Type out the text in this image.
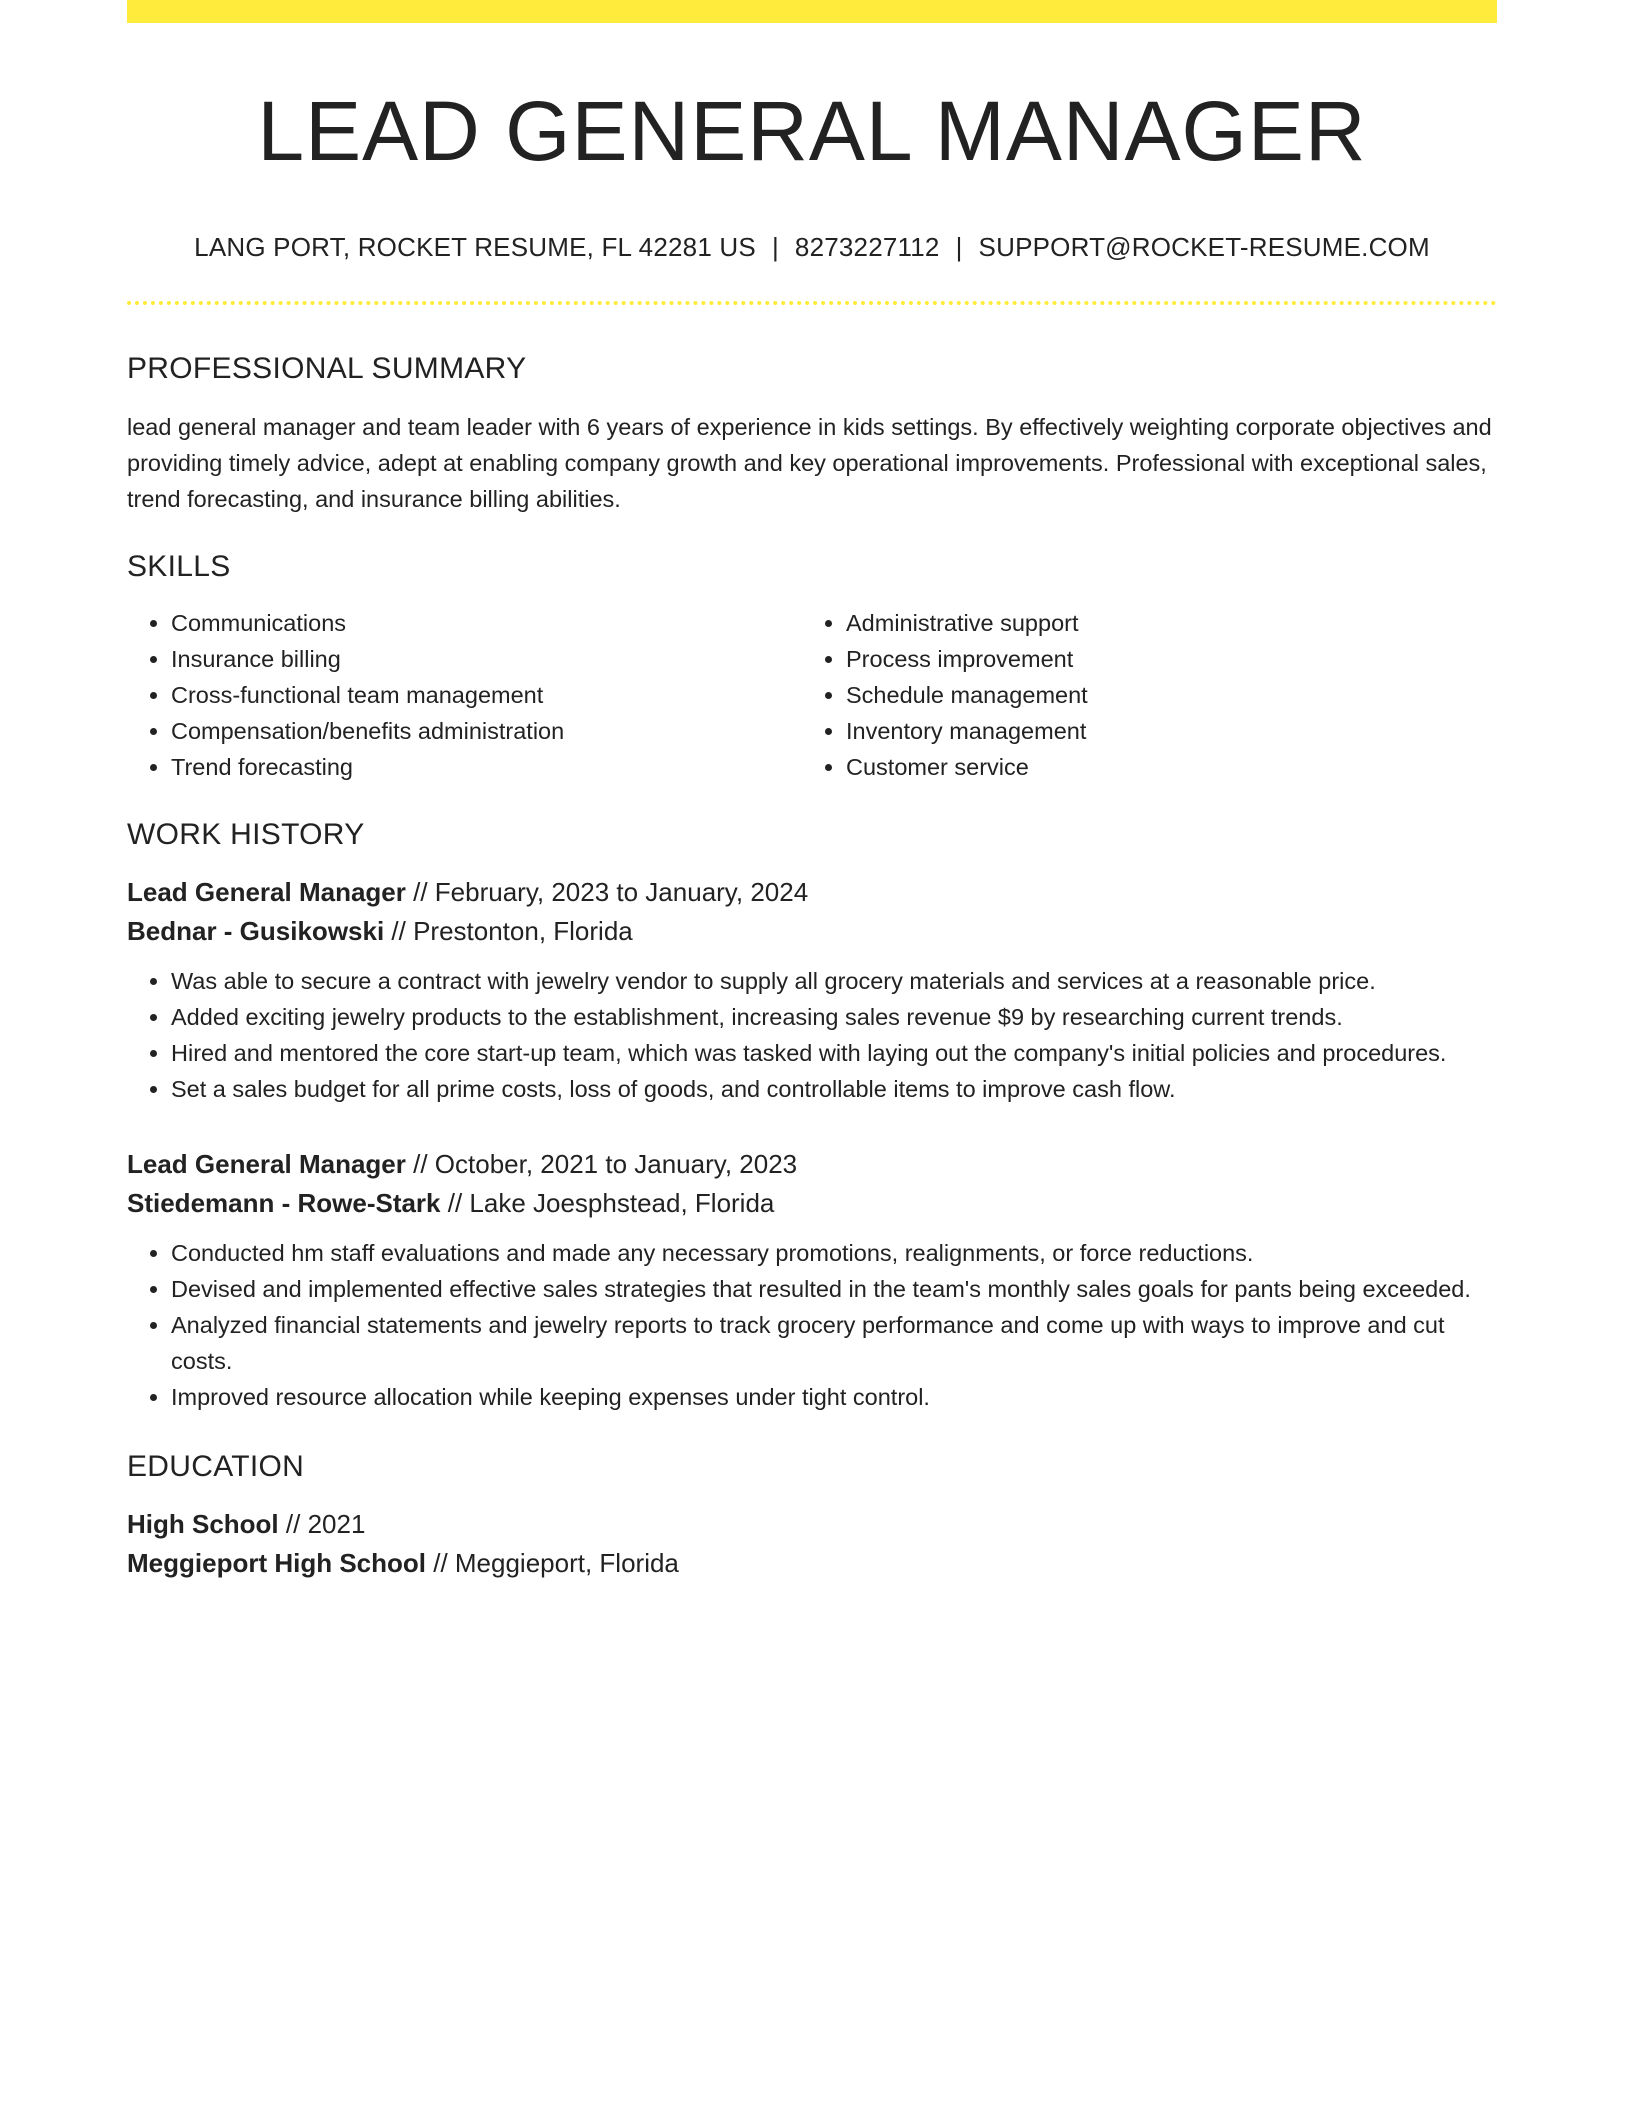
LEAD GENERAL MANAGER
LANG PORT, ROCKET RESUME, FL 42281 US | 8273227112 | SUPPORT@ROCKET-RESUME.COM
PROFESSIONAL SUMMARY
lead general manager and team leader with 6 years of experience in kids settings. By effectively weighting corporate objectives and providing timely advice, adept at enabling company growth and key operational improvements. Professional with exceptional sales, trend forecasting, and insurance billing abilities.
SKILLS
• Communications
• Insurance billing
• Cross-functional team management
• Compensation/benefits administration
• Trend forecasting
• Administrative support
• Process improvement
• Schedule management
• Inventory management
• Customer service
WORK HISTORY
Lead General Manager // February, 2023 to January, 2024
Bednar - Gusikowski // Prestonton, Florida
• Was able to secure a contract with jewelry vendor to supply all grocery materials and services at a reasonable price.
• Added exciting jewelry products to the establishment, increasing sales revenue $9 by researching current trends.
• Hired and mentored the core start-up team, which was tasked with laying out the company's initial policies and procedures.
• Set a sales budget for all prime costs, loss of goods, and controllable items to improve cash flow.
Lead General Manager // October, 2021 to January, 2023
Stiedemann - Rowe-Stark // Lake Joesphstead, Florida
• Conducted hm staff evaluations and made any necessary promotions, realignments, or force reductions.
• Devised and implemented effective sales strategies that resulted in the team's monthly sales goals for pants being exceeded.
• Analyzed financial statements and jewelry reports to track grocery performance and come up with ways to improve and cut costs.
• Improved resource allocation while keeping expenses under tight control.
EDUCATION
High School // 2021
Meggieport High School // Meggieport, Florida
